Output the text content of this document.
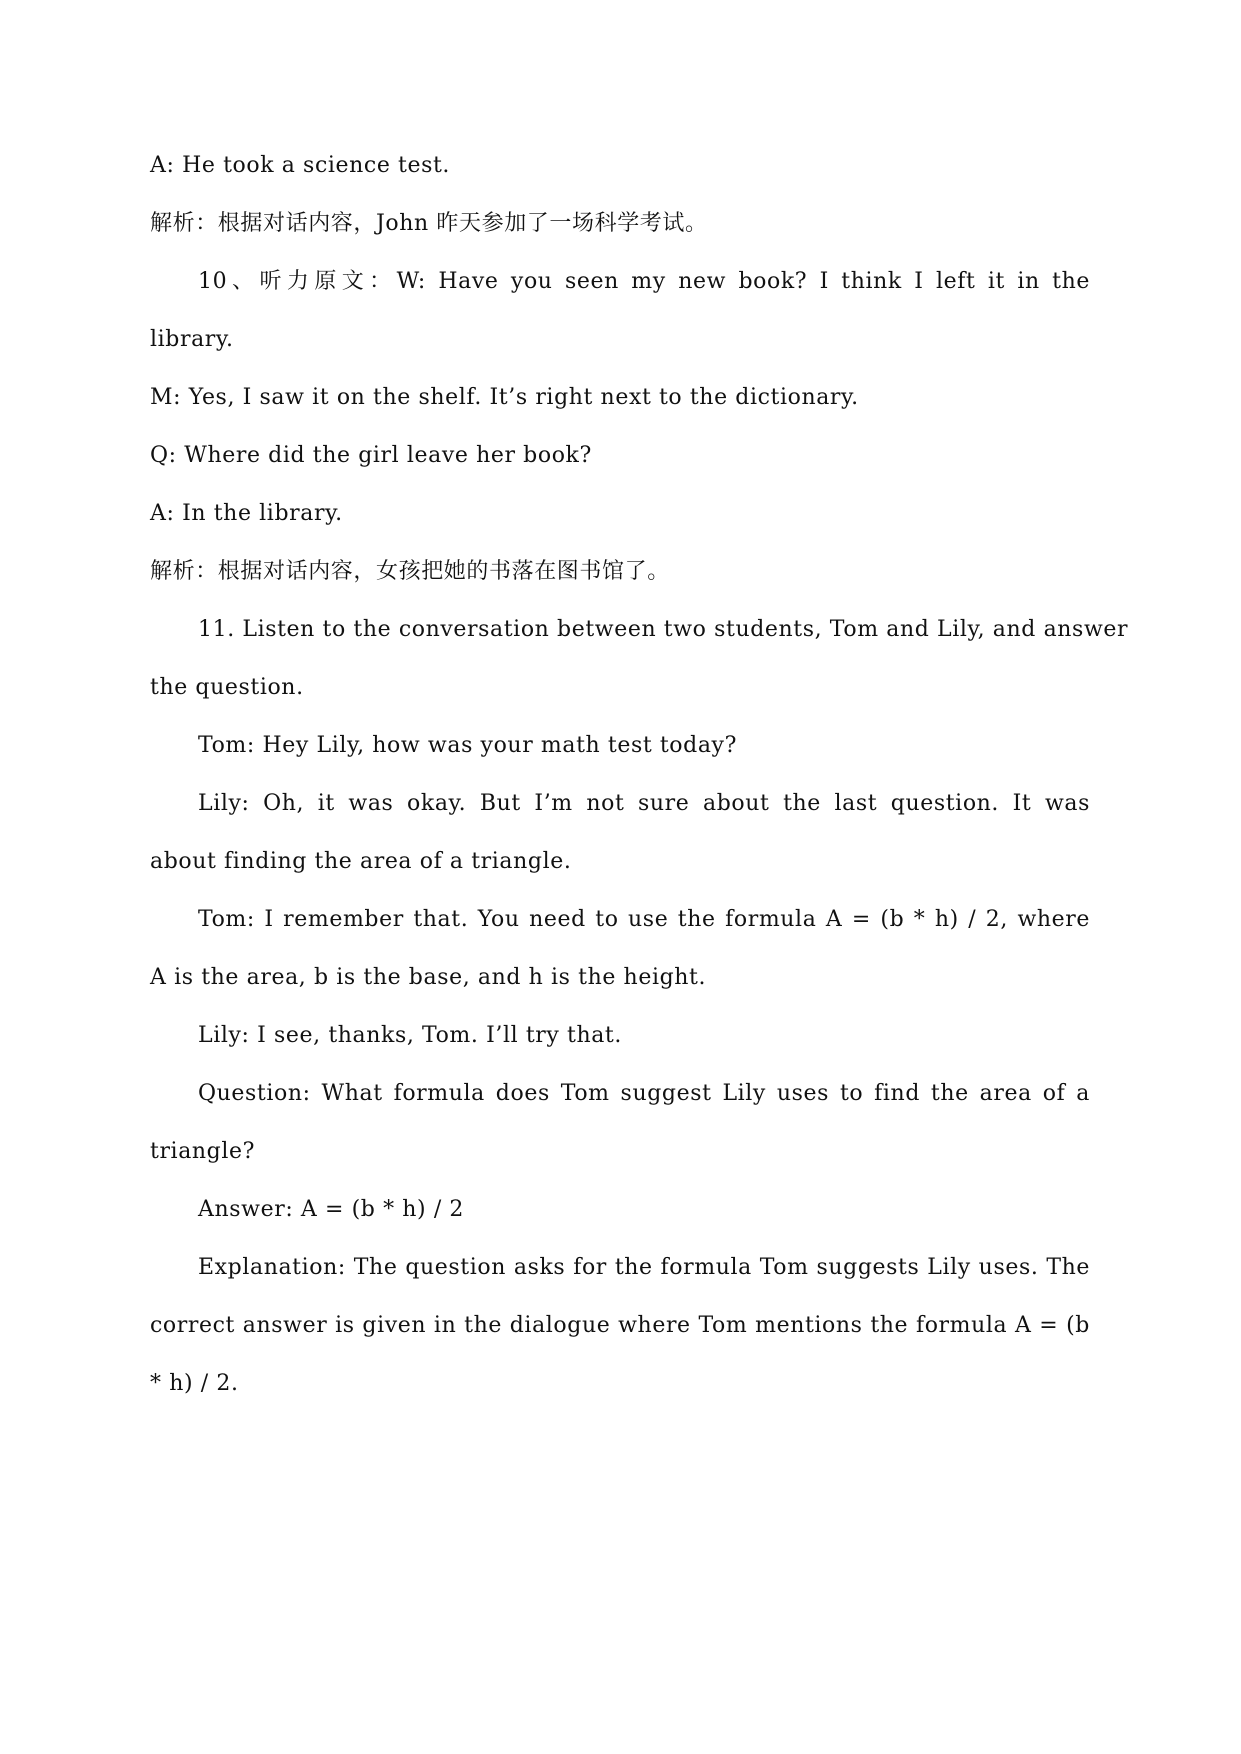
A: He took a science test.
解析：根据对话内容，John 昨天参加了一场科学考试。
10、听力原文：W: Have you seen my new book? I think I left it in the
library.
M: Yes, I saw it on the shelf. It’s right next to the dictionary.
Q: Where did the girl leave her book?
A: In the library.
解析：根据对话内容，女孩把她的书落在图书馆了。
11. Listen to the conversation between two students, Tom and Lily, and answer
the question.
Tom: Hey Lily, how was your math test today?
Lily: Oh, it was okay. But I’m not sure about the last question. It was
about finding the area of a triangle.
Tom: I remember that. You need to use the formula A = (b * h) / 2, where
A is the area, b is the base, and h is the height.
Lily: I see, thanks, Tom. I’ll try that.
Question: What formula does Tom suggest Lily uses to find the area of a
triangle?
Answer: A = (b * h) / 2
Explanation: The question asks for the formula Tom suggests Lily uses. The
correct answer is given in the dialogue where Tom mentions the formula A = (b
* h) / 2.
